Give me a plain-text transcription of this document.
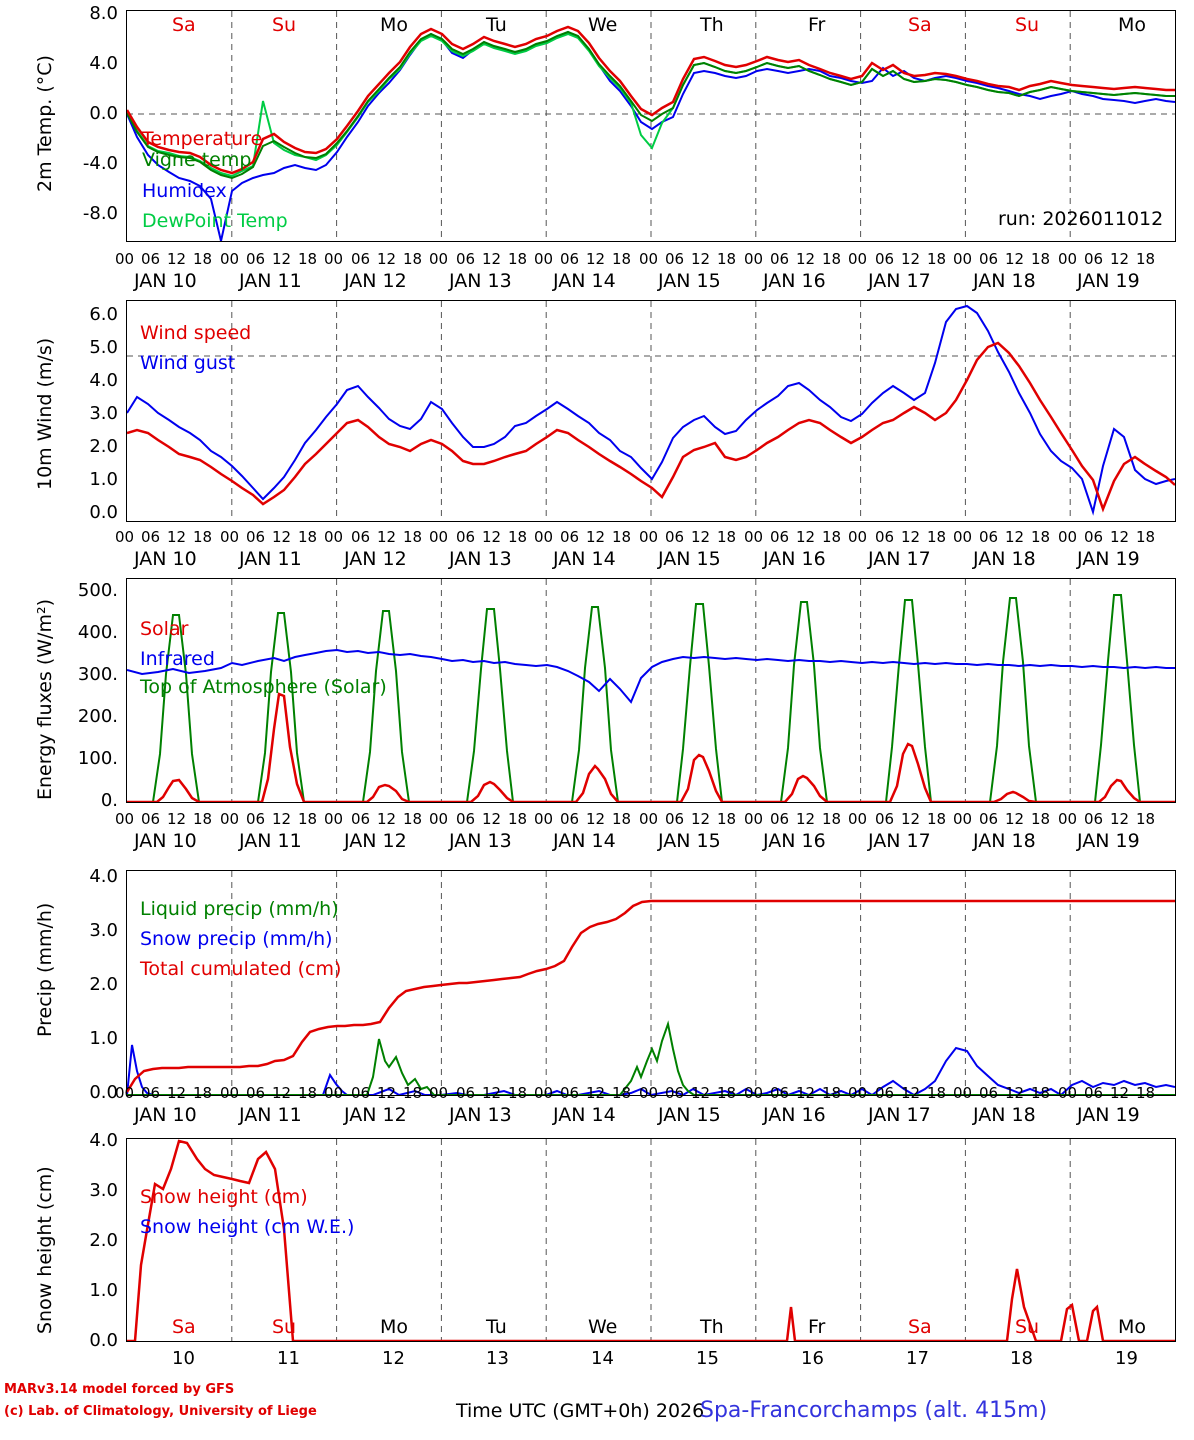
2m Temp. (°C)
8.0
4.0
0.0
-4.0
-8.0
Sa	Su	Mo	Tu	We	Th	Fr	Sa	Su	Mo
Temperature
Vigne temp
Humidex
DewPoint Temp	run: 2026011012
00 06 12 18 00 06 12 18 00 06 12 18 00 06 12 18 00 06 12 18 00 06 12 18 00 06 12 18 00 06 12 18 00 06 12 18 00 06 12 18
JAN 10 JAN 11 JAN 12 JAN 13 JAN 14 JAN 15 JAN 16 JAN 17 JAN 18 JAN 19
10m Wind (m/s)
6.0
5.0
4.0
3.0
2.0
1.0
0.0
Wind speed
Wind gust
00 06 12 18 00 06 12 18 00 06 12 18 00 06 12 18 00 06 12 18 00 06 12 18 00 06 12 18 00 06 12 18 00 06 12 18 00 06 12 18
JAN 10 JAN 11 JAN 12 JAN 13 JAN 14 JAN 15 JAN 16 JAN 17 JAN 18 JAN 19
Energy fluxes (W/m²)
500.
400.
300.
200.
100.
0.
Solar
Infrared
Top of Atmosphere (Solar)
00 06 12 18 00 06 12 18 00 06 12 18 00 06 12 18 00 06 12 18 00 06 12 18 00 06 12 18 00 06 12 18 00 06 12 18 00 06 12 18
JAN 10 JAN 11 JAN 12 JAN 13 JAN 14 JAN 15 JAN 16 JAN 17 JAN 18 JAN 19
Precip (mm/h)
4.0
3.0
2.0
1.0
0.0
Liquid precip (mm/h)
Snow precip (mm/h)
Total cumulated (cm)
00 06 12 18 00 06 12 18 00 06 12 18 00 06 12 18 00 06 12 18 00 06 12 18 00 06 12 18 00 06 12 18 00 06 12 18 00 06 12 18
JAN 10 JAN 11 JAN 12 JAN 13 JAN 14 JAN 15 JAN 16 JAN 17 JAN 18 JAN 19
Snow height (cm)
4.0
3.0
2.0
1.0
0.0
Snow height (cm)
Snow height (cm W.E.)
Sa	Su	Mo	Tu	We	Th	Fr	Sa	Su	Mo
10	11	12	13	14	15	16	17	18	19
MARv3.14 model forced by GFS
(c) Lab. of Climatology, University of Liege	Time UTC (GMT+0h) 2026
Spa-Francorchamps (alt. 415m)
